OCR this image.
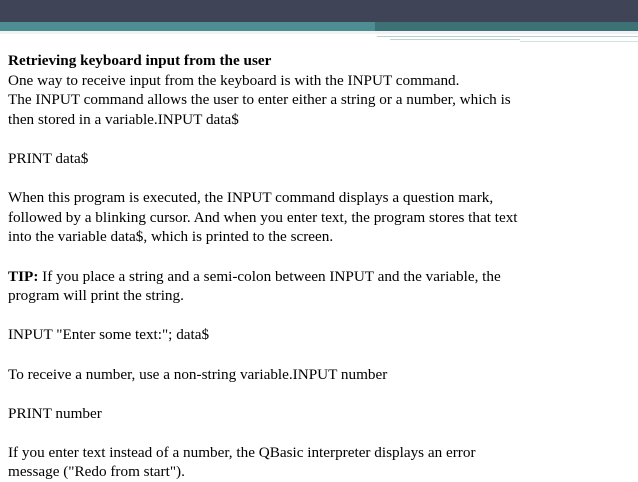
Retrieving keyboard input from the user

One way to receive input from the keyboard is with the INPUT command.

The INPUT command allows the user to enter either a string or a number, which is

then stored in a variable.INPUT data$

PRINT data$

When this program is executed, the INPUT command displays a question mark,

followed by a blinking cursor. And when you enter text, the program stores that text

into the variable data$, which is printed to the screen.

TIP: If you place a string and a semi-colon between INPUT and the variable, the

program will print the string.

INPUT "Enter some text:"; data$

To receive a number, use a non-string variable.INPUT number

PRINT number

If you enter text instead of a number, the QBasic interpreter displays an error

message ("Redo from start").
